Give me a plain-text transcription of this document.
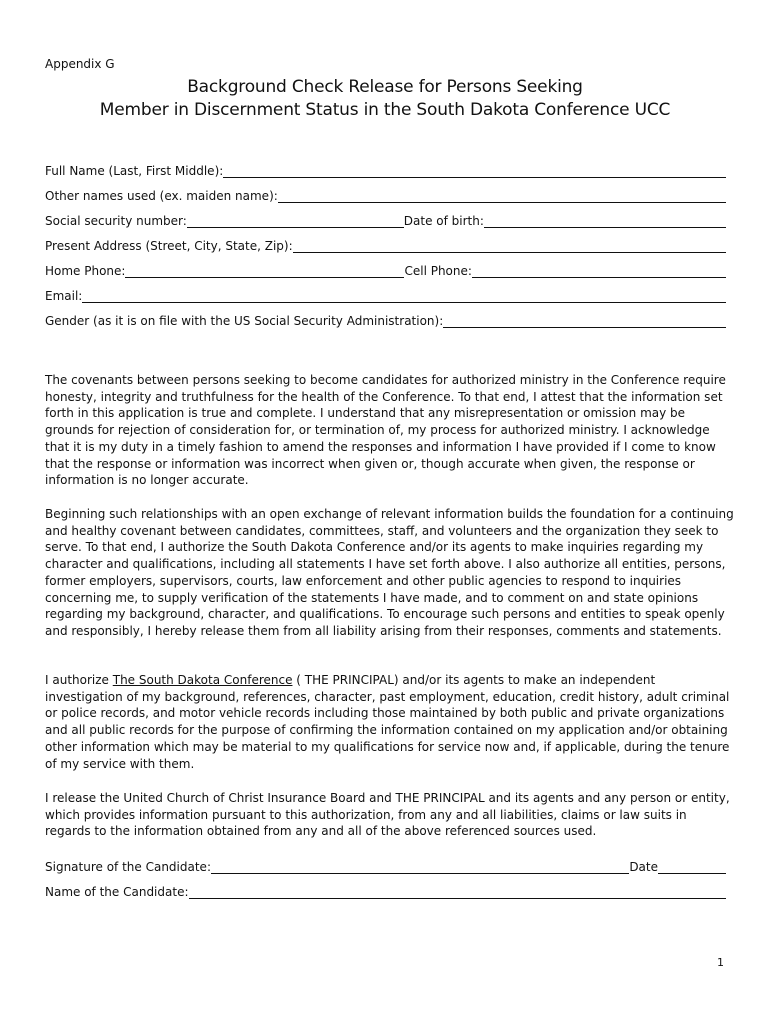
Appendix G
Background Check Release for Persons Seeking
Member in Discernment Status in the South Dakota Conference UCC
Full Name (Last, First Middle):
Other names used (ex. maiden name):
Social security number:	Date of birth:
Present Address (Street, City, State, Zip):
Home Phone:	Cell Phone:
Email:
Gender (as it is on file with the US Social Security Administration):

The covenants between persons seeking to become candidates for authorized ministry in the Conference require honesty, integrity and truthfulness for the health of the Conference. To that end, I attest that the information set forth in this application is true and complete. I understand that any misrepresentation or omission may be grounds for rejection of consideration for, or termination of, my process for authorized ministry. I acknowledge that it is my duty in a timely fashion to amend the responses and information I have provided if I come to know that the response or information was incorrect when given or, though accurate when given, the response or information is no longer accurate.

Beginning such relationships with an open exchange of relevant information builds the foundation for a continuing and healthy covenant between candidates, committees, staff, and volunteers and the organization they seek to serve. To that end, I authorize the South Dakota Conference and/or its agents to make inquiries regarding my character and qualifications, including all statements I have set forth above. I also authorize all entities, persons, former employers, supervisors, courts, law enforcement and other public agencies to respond to inquiries concerning me, to supply verification of the statements I have made, and to comment on and state opinions regarding my background, character, and qualifications. To encourage such persons and entities to speak openly and responsibly, I hereby release them from all liability arising from their responses, comments and statements.

I authorize The South Dakota Conference ( THE PRINCIPAL) and/or its agents to make an independent investigation of my background, references, character, past employment, education, credit history, adult criminal or police records, and motor vehicle records including those maintained by both public and private organizations and all public records for the purpose of confirming the information contained on my application and/or obtaining other information which may be material to my qualifications for service now and, if applicable, during the tenure of my service with them.

I release the United Church of Christ Insurance Board and THE PRINCIPAL and its agents and any person or entity, which provides information pursuant to this authorization, from any and all liabilities, claims or law suits in regards to the information obtained from any and all of the above referenced sources used.

Signature of the Candidate:	Date
Name of the Candidate:
1
